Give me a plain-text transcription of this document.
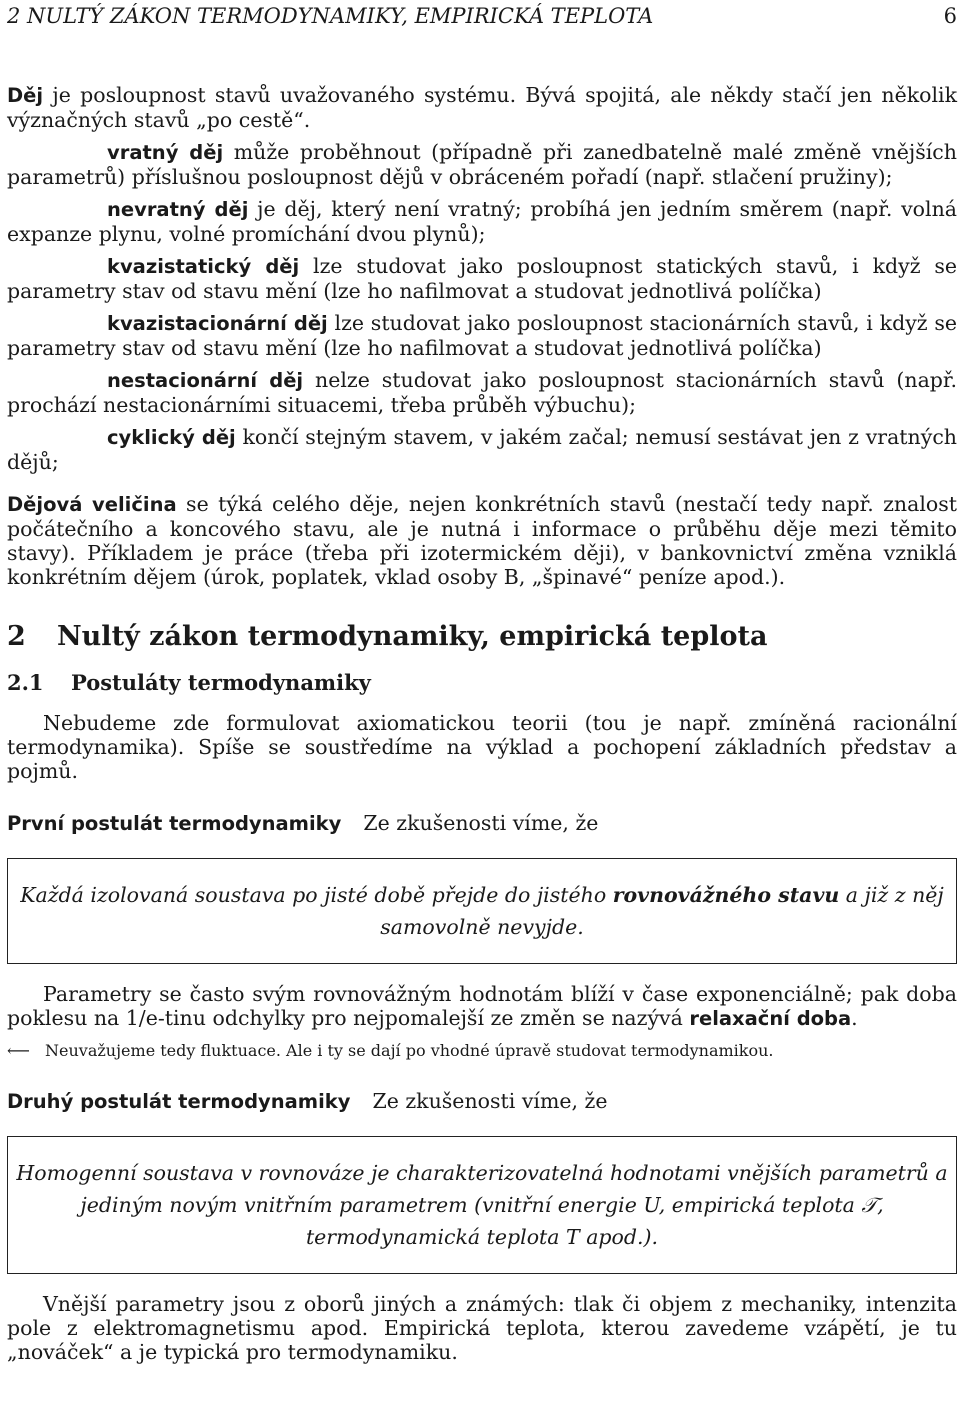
2 NULTÝ ZÁKON TERMODYNAMIKY, EMPIRICKÁ TEPLOTA	6

Děj je posloupnost stavů uvažovaného systému. Bývá spojitá, ale někdy stačí jen několik význačných stavů „po cestě“.

vratný děj může proběhnout (případně při zanedbatelně malé změně vnějších parametrů) příslušnou posloupnost dějů v obráceném pořadí (např. stlačení pružiny);

nevratný děj je děj, který není vratný; probíhá jen jedním směrem (např. volná expanze plynu, volné promíchání dvou plynů);

kvazistatický děj lze studovat jako posloupnost statických stavů, i když se parametry stav od stavu mění (lze ho nafilmovat a studovat jednotlivá políčka)

kvazistacionární děj lze studovat jako posloupnost stacionárních stavů, i když se parametry stav od stavu mění (lze ho nafilmovat a studovat jednotlivá políčka)

nestacionární děj nelze studovat jako posloupnost stacionárních stavů (např. prochází nestacionárními situacemi, třeba průběh výbuchu);

cyklický děj končí stejným stavem, v jakém začal; nemusí sestávat jen z vratných dějů;

Dějová veličina se týká celého děje, nejen konkrétních stavů (nestačí tedy např. znalost počátečního a koncového stavu, ale je nutná i informace o průběhu děje mezi těmito stavy). Příkladem je práce (třeba při izotermickém ději), v bankovnictví změna vzniklá konkrétním dějem (úrok, poplatek, vklad osoby B, „špinavé“ peníze apod.).

2 Nultý zákon termodynamiky, empirická teplota
2.1 Postuláty termodynamiky

Nebudeme zde formulovat axiomatickou teorii (tou je např. zmíněná racionální termodynamika). Spíše se soustředíme na výklad a pochopení základních představ a pojmů.

První postulát termodynamiky Ze zkušenosti víme, že

Každá izolovaná soustava po jisté době přejde do jistého rovnovážného stavu a již z něj samovolně nevyjde.

Parametry se často svým rovnovážným hodnotám blíží v čase exponenciálně; pak doba poklesu na 1/e-tinu odchylky pro nejpomalejší ze změn se nazývá relaxační doba.

⟵ Neuvažujeme tedy fluktuace. Ale i ty se dají po vhodné úpravě studovat termodynamikou.

Druhý postulát termodynamiky Ze zkušenosti víme, že

Homogenní soustava v rovnováze je charakterizovatelná hodnotami vnějších parametrů a jediným novým vnitřním parametrem (vnitřní energie U, empirická teplota 𝒯, termodynamická teplota T apod.).

Vnější parametry jsou z oborů jiných a známých: tlak či objem z mechaniky, intenzita pole z elektromagnetismu apod. Empirická teplota, kterou zavedeme vzápětí, je tu „nováček“ a je typická pro termodynamiku.
